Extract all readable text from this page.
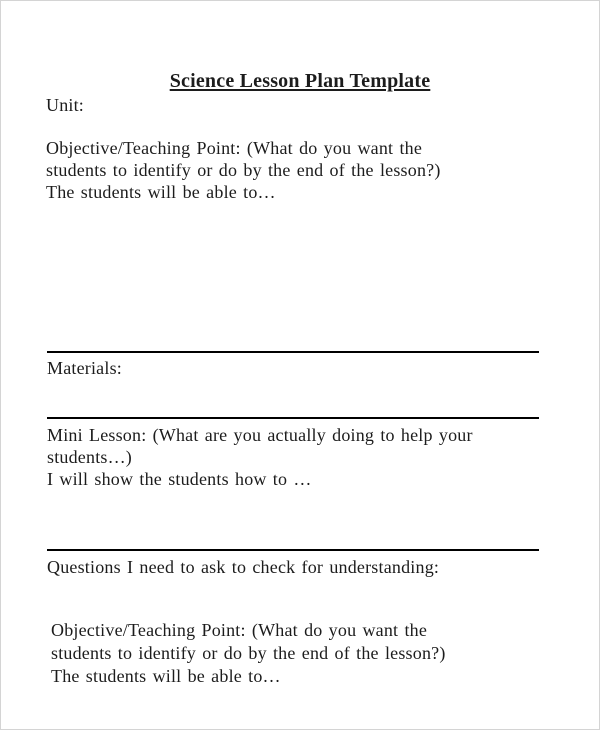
Science Lesson Plan Template
Unit:
Objective/Teaching Point: (What do you want the
students to identify or do by the end of the lesson?)
The students will be able to…
Materials:
Mini Lesson: (What are you actually doing to help your
students…)
I will show the students how to …
Questions I need to ask to check for understanding:
Objective/Teaching Point: (What do you want the
students to identify or do by the end of the lesson?)
The students will be able to…
